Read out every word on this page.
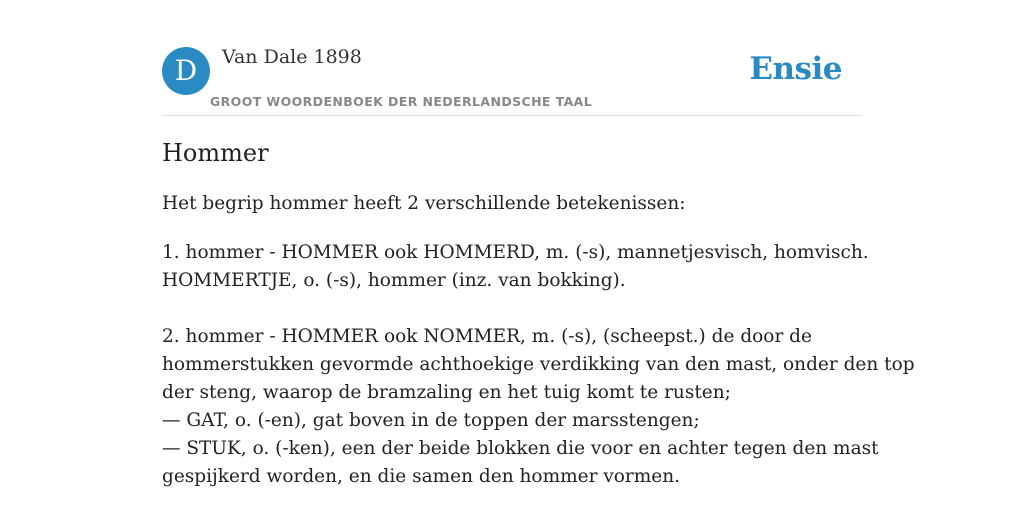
D	Van Dale 1898
GROOT WOORDENBOEK DER NEDERLANDSCHE TAAL
Ensie
Hommer
Het begrip hommer heeft 2 verschillende betekenissen:
1. hommer - HOMMER ook HOMMERD, m. (-s), mannetjesvisch, homvisch.
HOMMERTJE, o. (-s), hommer (inz. van bokking).
2. hommer - HOMMER ook NOMMER, m. (-s), (scheepst.) de door de
hommerstukken gevormde achthoekige verdikking van den mast, onder den top
der steng, waarop de bramzaling en het tuig komt te rusten;
— GAT, o. (-en), gat boven in de toppen der marsstengen;
— STUK, o. (-ken), een der beide blokken die voor en achter tegen den mast
gespijkerd worden, en die samen den hommer vormen.
